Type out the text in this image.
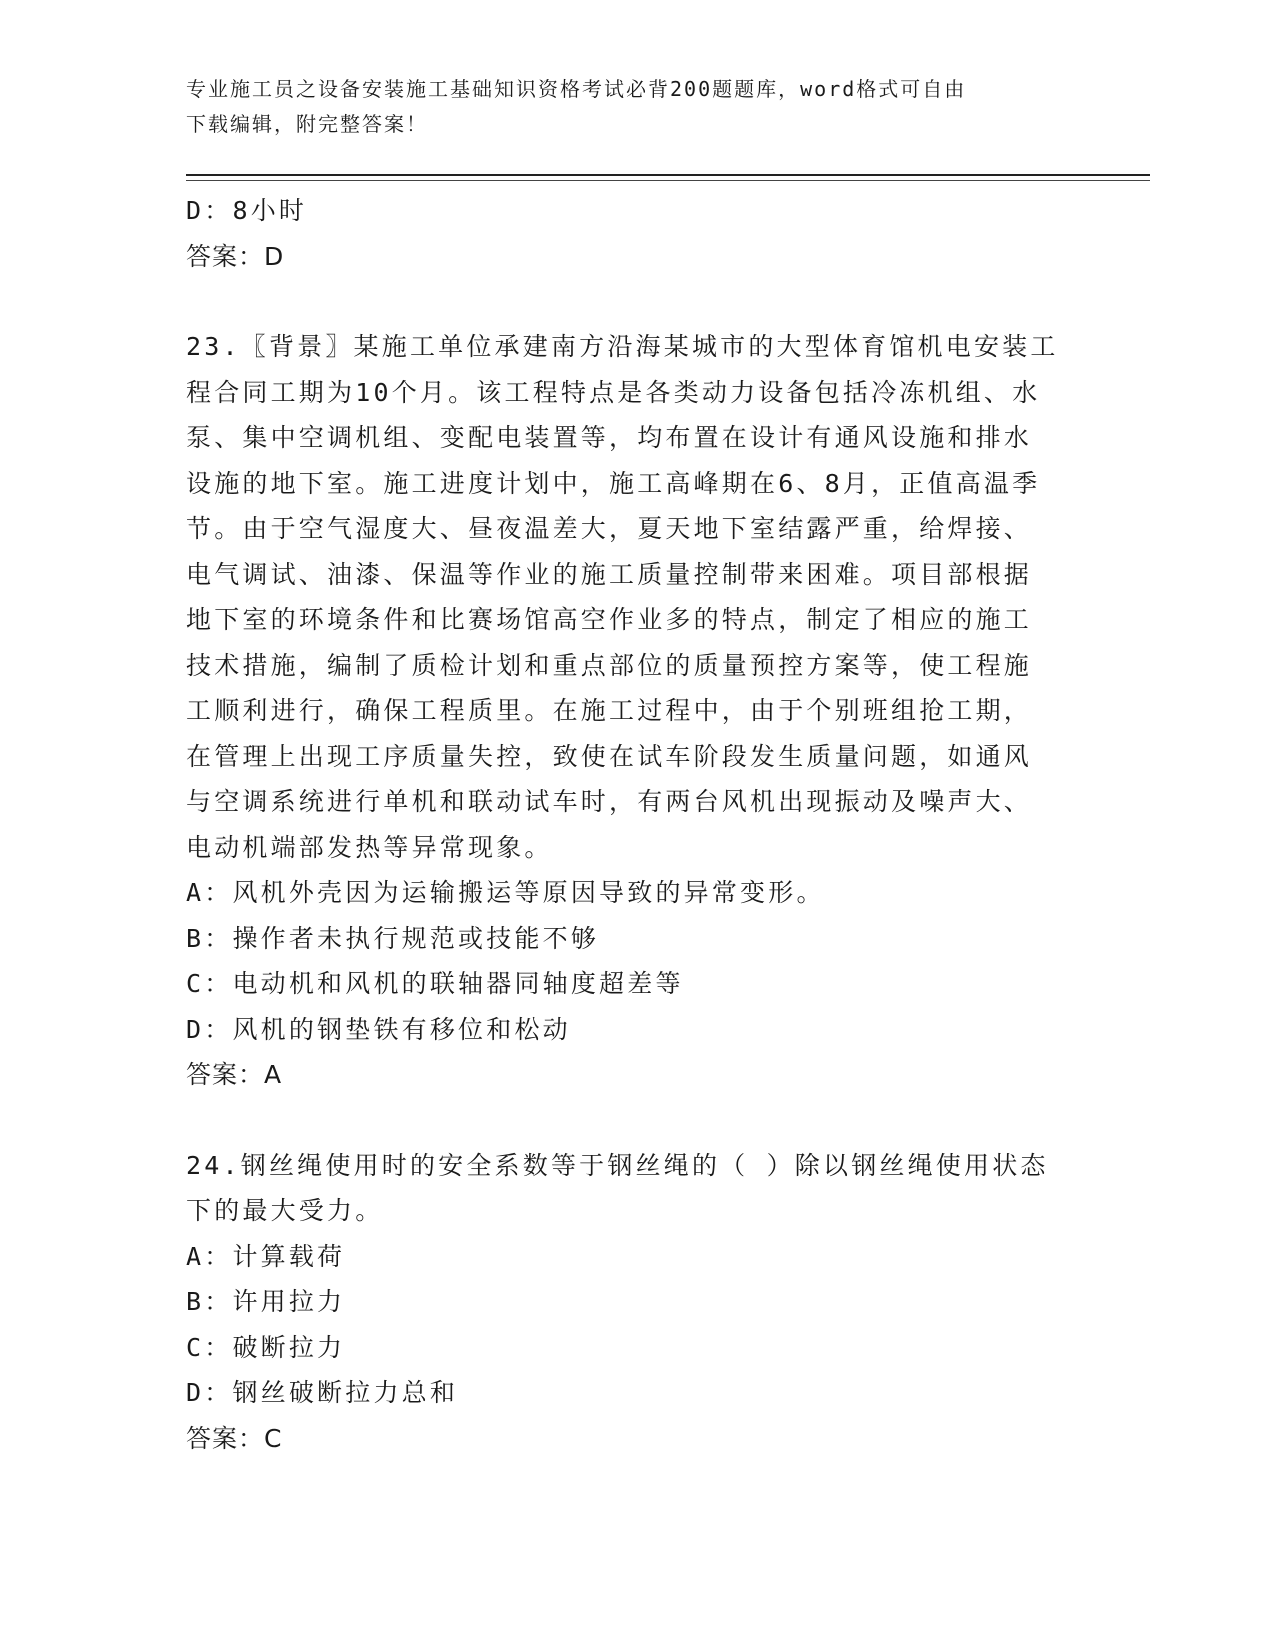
专业施工员之设备安装施工基础知识资格考试必背200题题库，word格式可自由
下载编辑，附完整答案！
D：8小时
答案：D
23.〖背景〗某施工单位承建南方沿海某城市的大型体育馆机电安装工
程合同工期为10个月。该工程特点是各类动力设备包括冷冻机组、水
泵、集中空调机组、变配电装置等，均布置在设计有通风设施和排水
设施的地下室。施工进度计划中，施工高峰期在6、8月，正值高温季
节。由于空气湿度大、昼夜温差大，夏天地下室结露严重，给焊接、
电气调试、油漆、保温等作业的施工质量控制带来困难。项目部根据
地下室的环境条件和比赛场馆高空作业多的特点，制定了相应的施工
技术措施，编制了质检计划和重点部位的质量预控方案等，使工程施
工顺利进行，确保工程质里。在施工过程中，由于个别班组抢工期，
在管理上出现工序质量失控，致使在试车阶段发生质量问题，如通风
与空调系统进行单机和联动试车时，有两台风机出现振动及噪声大、
电动机端部发热等异常现象。
A：风机外壳因为运输搬运等原因导致的异常变形。
B：操作者未执行规范或技能不够
C：电动机和风机的联轴器同轴度超差等
D：风机的钢垫铁有移位和松动
答案：A
24.钢丝绳使用时的安全系数等于钢丝绳的（ ）除以钢丝绳使用状态
下的最大受力。
A：计算载荷
B：许用拉力
C：破断拉力
D：钢丝破断拉力总和
答案：C
